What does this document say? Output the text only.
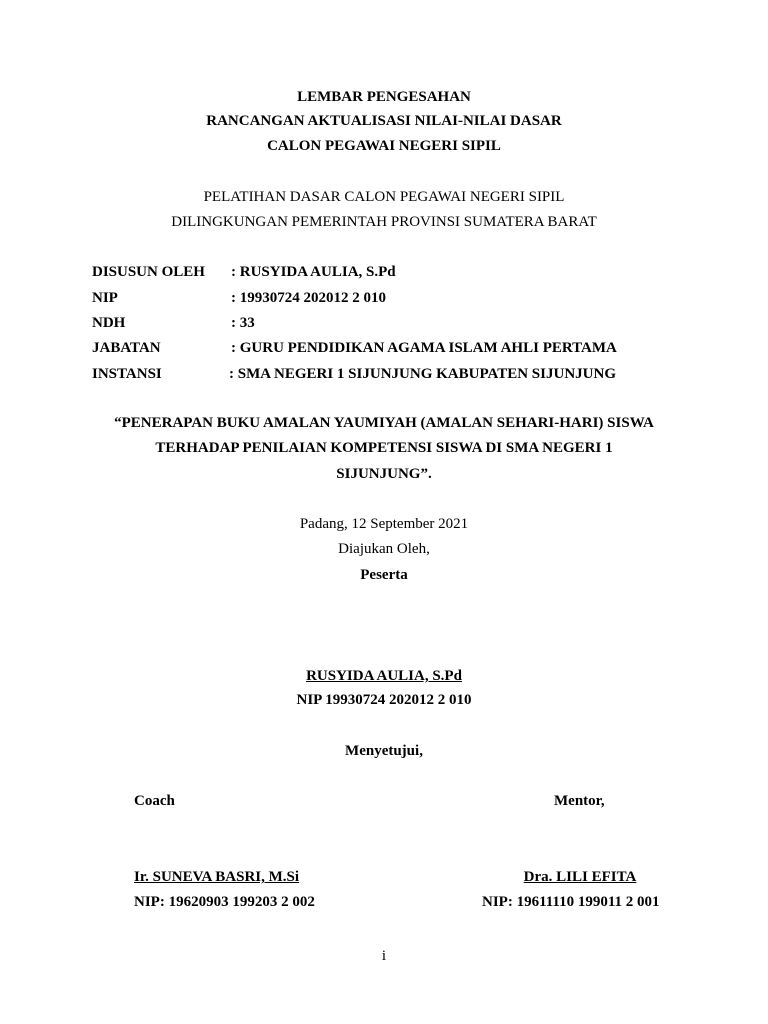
LEMBAR PENGESAHAN
RANCANGAN AKTUALISASI NILAI-NILAI DASAR
CALON PEGAWAI NEGERI SIPIL
PELATIHAN DASAR CALON PEGAWAI NEGERI SIPIL
DILINGKUNGAN PEMERINTAH PROVINSI SUMATERA BARAT
DISUSUN OLEH : RUSYIDA AULIA, S.Pd
NIP	: 19930724 202012 2 010
NDH	: 33
JABATAN	: GURU PENDIDIKAN AGAMA ISLAM AHLI PERTAMA
INSTANSI	: SMA NEGERI 1 SIJUNJUNG KABUPATEN SIJUNJUNG
“PENERAPAN BUKU AMALAN YAUMIYAH (AMALAN SEHARI-HARI) SISWA
TERHADAP PENILAIAN KOMPETENSI SISWA DI SMA NEGERI 1
SIJUNJUNG”.
Padang, 12 September 2021
Diajukan Oleh,
Peserta
RUSYIDA AULIA, S.Pd
NIP 19930724 202012 2 010
Menyetujui,
Coach	Mentor,
Ir. SUNEVA BASRI, M.Si	Dra. LILI EFITA
NIP: 19620903 199203 2 002	NIP: 19611110 199011 2 001
i
